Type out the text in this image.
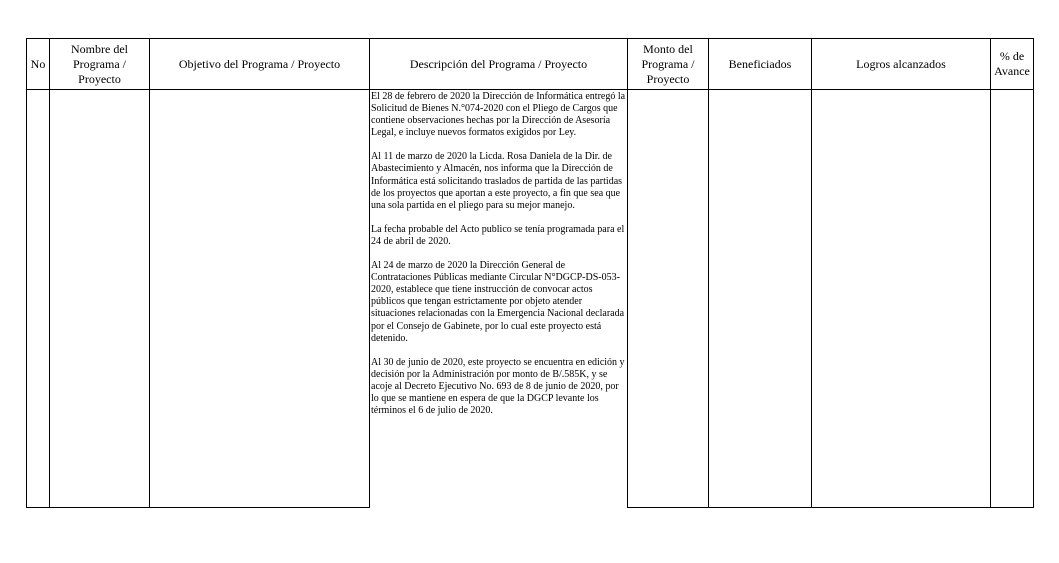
No
Nombre del Programa / Proyecto
Objetivo del Programa / Proyecto	Descripción del Programa / Proyecto
Monto del Programa / Proyecto
Beneficiados	Logros alcanzados
% de Avance

El 28 de febrero de 2020 la Dirección de Informática entregó la Solicitud de Bienes N.°074-2020 con el Pliego de Cargos que contiene observaciones hechas por la Dirección de Asesoría Legal, e incluye nuevos formatos exigidos por Ley.

Al 11 de marzo de 2020 la Licda. Rosa Daniela de la Dir. de Abastecimiento y Almacén, nos informa que la Dirección de Informática está solicitando traslados de partida de las partidas de los proyectos que aportan a este proyecto, a fin que sea que una sola partida en el pliego para su mejor manejo.

La fecha probable del Acto publico se tenía programada para el 24 de abril de 2020.

Al 24 de marzo de 2020 la Dirección General de Contrataciones Públicas mediante Circular N°DGCP-DS-053-2020, establece que tiene instrucción de convocar actos públicos que tengan estrictamente por objeto atender situaciones relacionadas con la Emergencia Nacional declarada por el Consejo de Gabinete, por lo cual este proyecto está detenido.

Al 30 de junio de 2020, este proyecto se encuentra en edición y decisión por la Administración por monto de B/.585K, y se acoje al Decreto Ejecutivo No. 693 de 8 de junio de 2020, por lo que se mantiene en espera de que la DGCP levante los términos el 6 de julio de 2020.
